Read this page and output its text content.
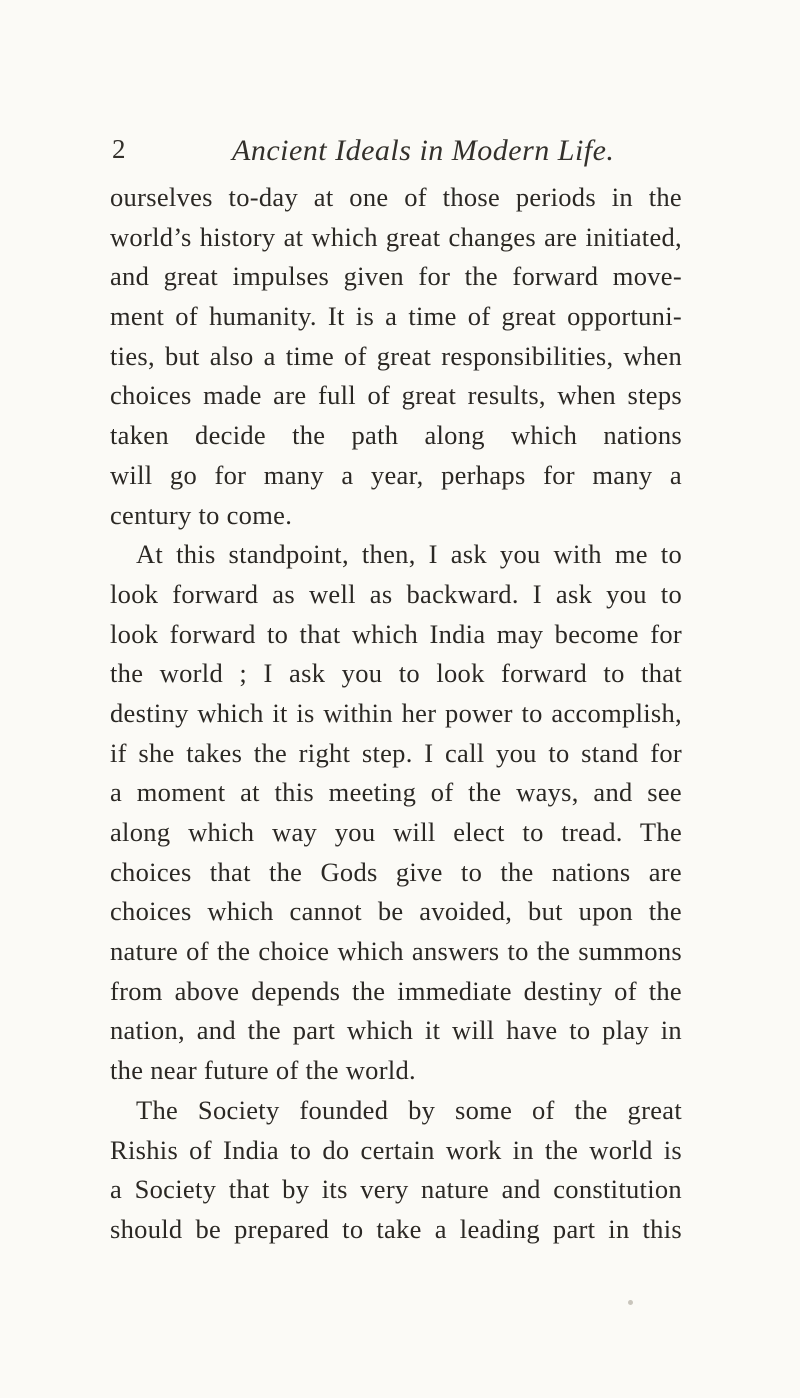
2	Ancient Ideals in Modern Life.
ourselves to-day at one of those periods in the
world’s history at which great changes are initiated,
and great impulses given for the forward move-
ment of humanity. It is a time of great opportuni-
ties, but also a time of great responsibilities, when
choices made are full of great results, when steps
taken decide the path along which nations
will go for many a year, perhaps for many a
century to come.
At this standpoint, then, I ask you with me to
look forward as well as backward. I ask you to
look forward to that which India may become for
the world ; I ask you to look forward to that
destiny which it is within her power to accomplish,
if she takes the right step. I call you to stand for
a moment at this meeting of the ways, and see
along which way you will elect to tread. The
choices that the Gods give to the nations are
choices which cannot be avoided, but upon the
nature of the choice which answers to the summons
from above depends the immediate destiny of the
nation, and the part which it will have to play in
the near future of the world.
The Society founded by some of the great
Rishis of India to do certain work in the world is
a Society that by its very nature and constitution
should be prepared to take a leading part in this
